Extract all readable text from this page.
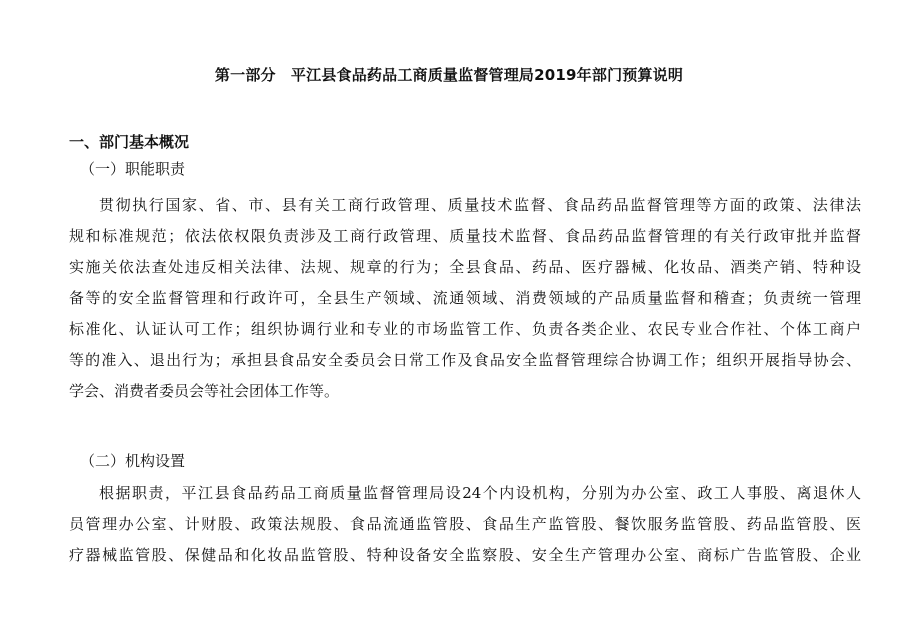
第一部分　平江县食品药品工商质量监督管理局2019年部门预算说明
一、部门基本概况
（一）职能职责
贯彻执行国家、省、市、县有关工商行政管理、质量技术监督、食品药品监督管理等方面的政策、法律法
规和标准规范；依法依权限负责涉及工商行政管理、质量技术监督、食品药品监督管理的有关行政审批并监督
实施关依法查处违反相关法律、法规、规章的行为；全县食品、药品、医疗器械、化妆品、酒类产销、特种设
备等的安全监督管理和行政许可，全县生产领域、流通领域、消费领域的产品质量监督和稽查；负责统一管理
标准化、认证认可工作；组织协调行业和专业的市场监管工作、负责各类企业、农民专业合作社、个体工商户
等的准入、退出行为；承担县食品安全委员会日常工作及食品安全监督管理综合协调工作；组织开展指导协会、
学会、消费者委员会等社会团体工作等。
（二）机构设置
根据职责，平江县食品药品工商质量监督管理局设24个内设机构，分别为办公室、政工人事股、离退休人
员管理办公室、计财股、政策法规股、食品流通监管股、食品生产监管股、餐饮服务监管股、药品监管股、医
疗器械监管股、保健品和化妆品监管股、特种设备安全监察股、安全生产管理办公室、商标广告监管股、企业
